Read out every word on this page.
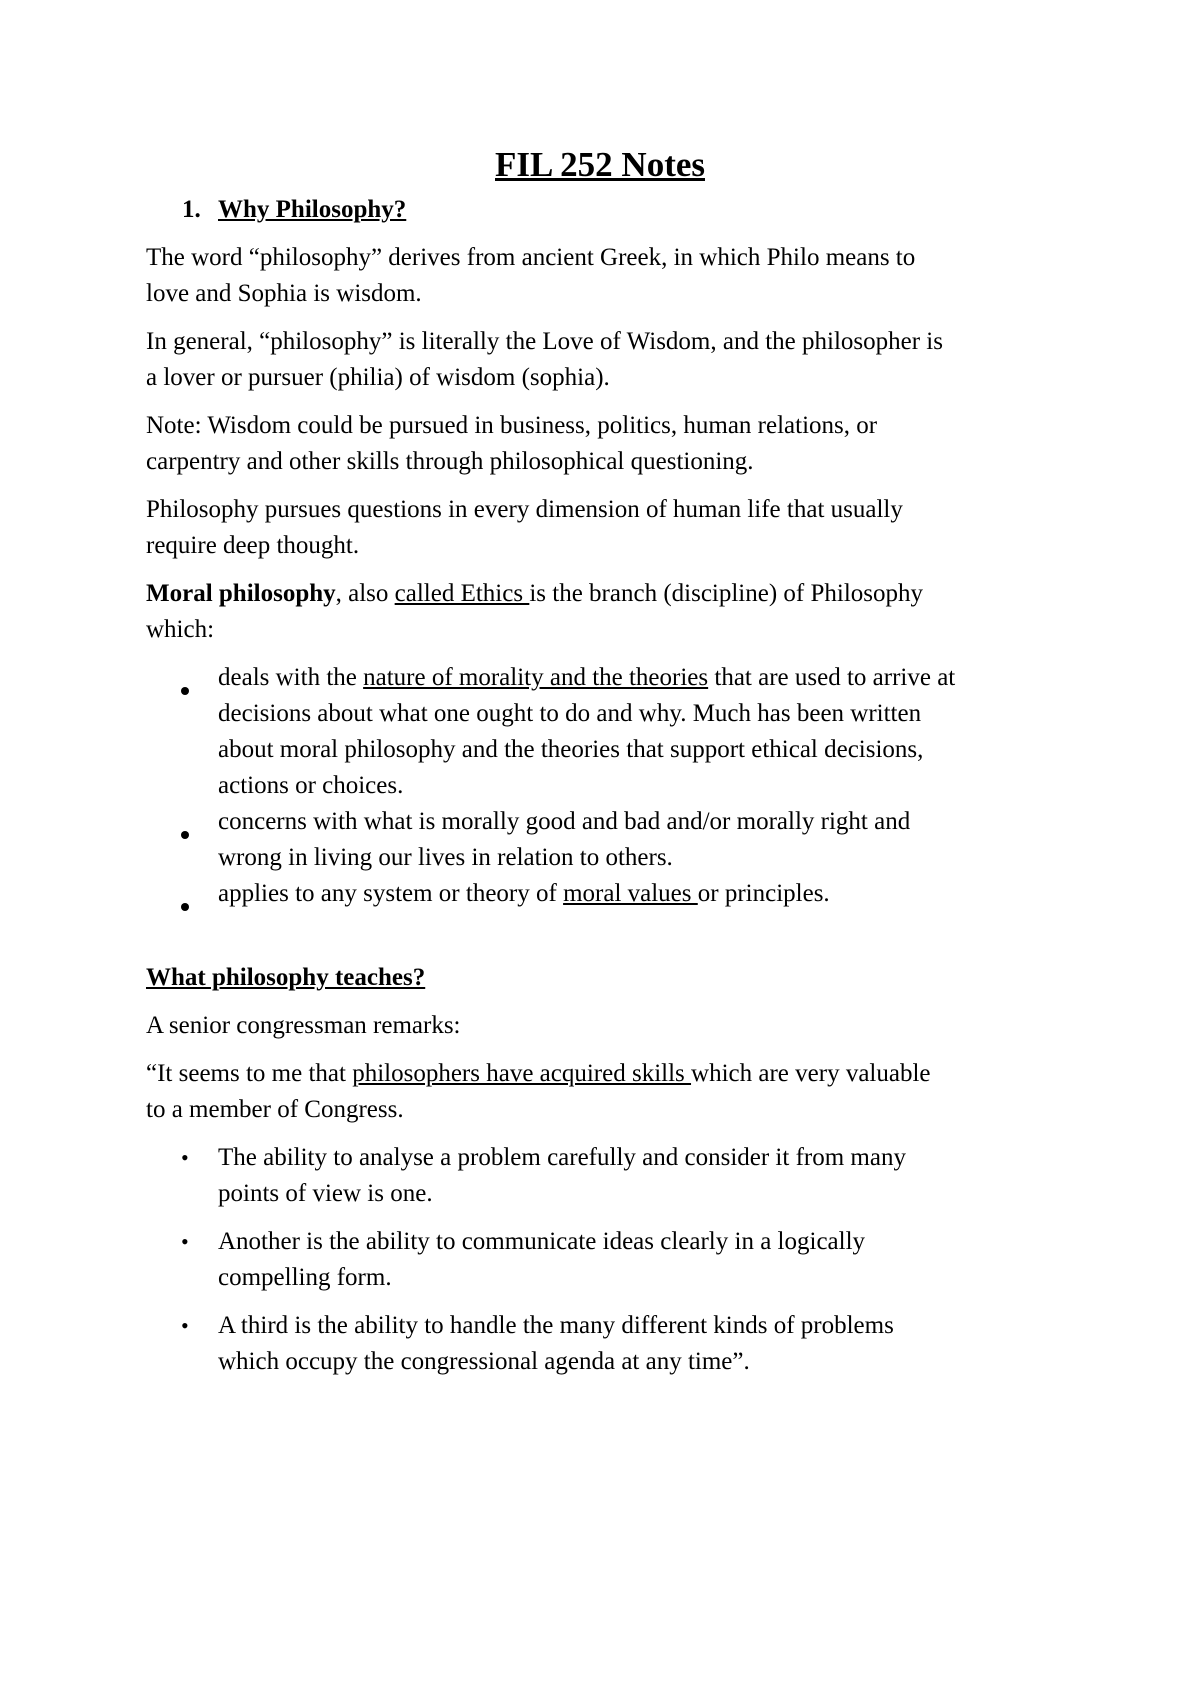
FIL 252 Notes
1. Why Philosophy?
The word “philosophy” derives from ancient Greek, in which Philo means to
love and Sophia is wisdom.
In general, “philosophy” is literally the Love of Wisdom, and the philosopher is
a lover or pursuer (philia) of wisdom (sophia).
Note: Wisdom could be pursued in business, politics, human relations, or
carpentry and other skills through philosophical questioning.
Philosophy pursues questions in every dimension of human life that usually
require deep thought.
Moral philosophy, also called Ethics is the branch (discipline) of Philosophy
which:
deals with the nature of morality and the theories that are used to arrive at
decisions about what one ought to do and why. Much has been written
about moral philosophy and the theories that support ethical decisions,
actions or choices.
concerns with what is morally good and bad and/or morally right and
wrong in living our lives in relation to others.
applies to any system or theory of moral values or principles.
What philosophy teaches?
A senior congressman remarks:
“It seems to me that philosophers have acquired skills which are very valuable
to a member of Congress.
• The ability to analyse a problem carefully and consider it from many
points of view is one.
• Another is the ability to communicate ideas clearly in a logically
compelling form.
• A third is the ability to handle the many different kinds of problems
which occupy the congressional agenda at any time”.
